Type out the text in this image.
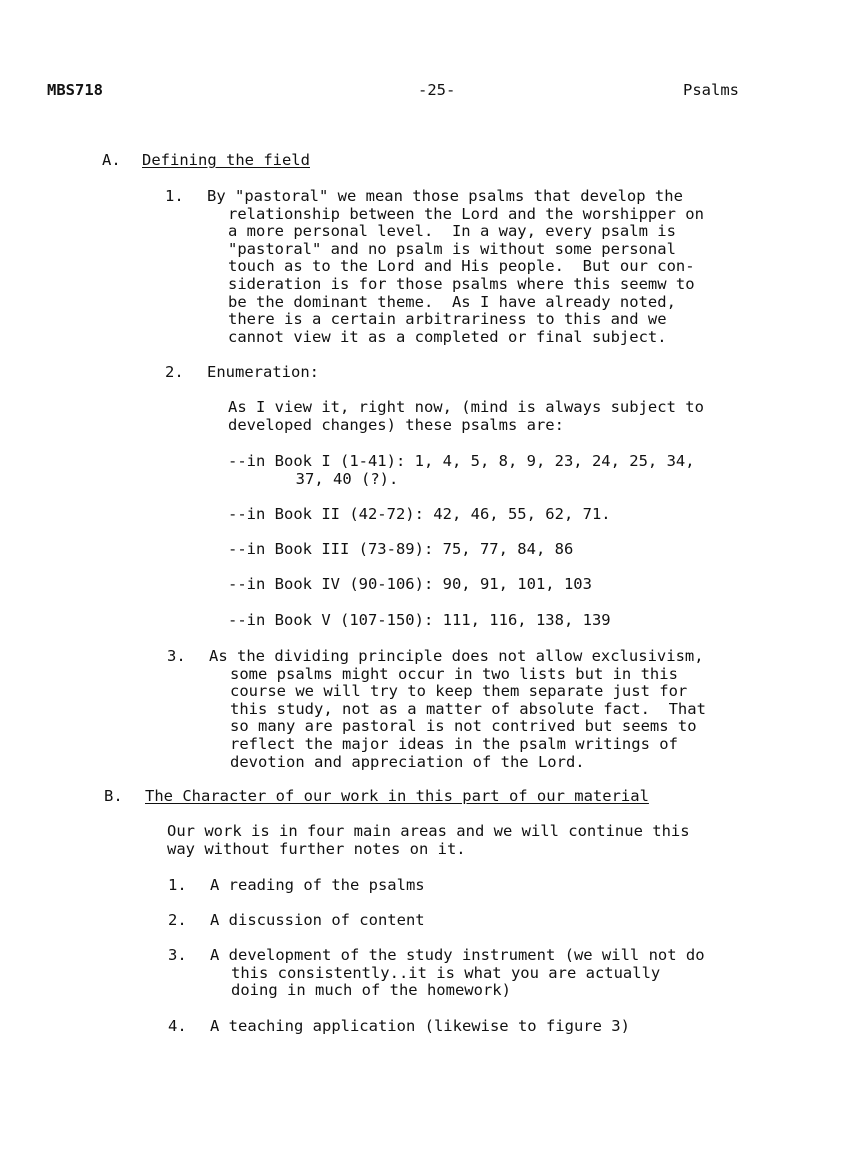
MBS718	-25-	Psalms
A. Defining the field
1. By "pastoral" we mean those psalms that develop the
relationship between the Lord and the worshipper on
a more personal level.  In a way, every psalm is
"pastoral" and no psalm is without some personal
touch as to the Lord and His people.  But our con-
sideration is for those psalms where this seemw to
be the dominant theme.  As I have already noted,
there is a certain arbitrariness to this and we
cannot view it as a completed or final subject.
2. Enumeration:
As I view it, right now, (mind is always subject to
developed changes) these psalms are:
--in Book I (1-41): 1, 4, 5, 8, 9, 23, 24, 25, 34,
37, 40 (?).
--in Book II (42-72): 42, 46, 55, 62, 71.
--in Book III (73-89): 75, 77, 84, 86
--in Book IV (90-106): 90, 91, 101, 103
--in Book V (107-150): 111, 116, 138, 139
3. As the dividing principle does not allow exclusivism,
some psalms might occur in two lists but in this
course we will try to keep them separate just for
this study, not as a matter of absolute fact.  That
so many are pastoral is not contrived but seems to
reflect the major ideas in the psalm writings of
devotion and appreciation of the Lord.
B. The Character of our work in this part of our material
Our work is in four main areas and we will continue this
way without further notes on it.
1. A reading of the psalms
2. A discussion of content
3. A development of the study instrument (we will not do
this consistently..it is what you are actually
doing in much of the homework)
4. A teaching application (likewise to figure 3)
